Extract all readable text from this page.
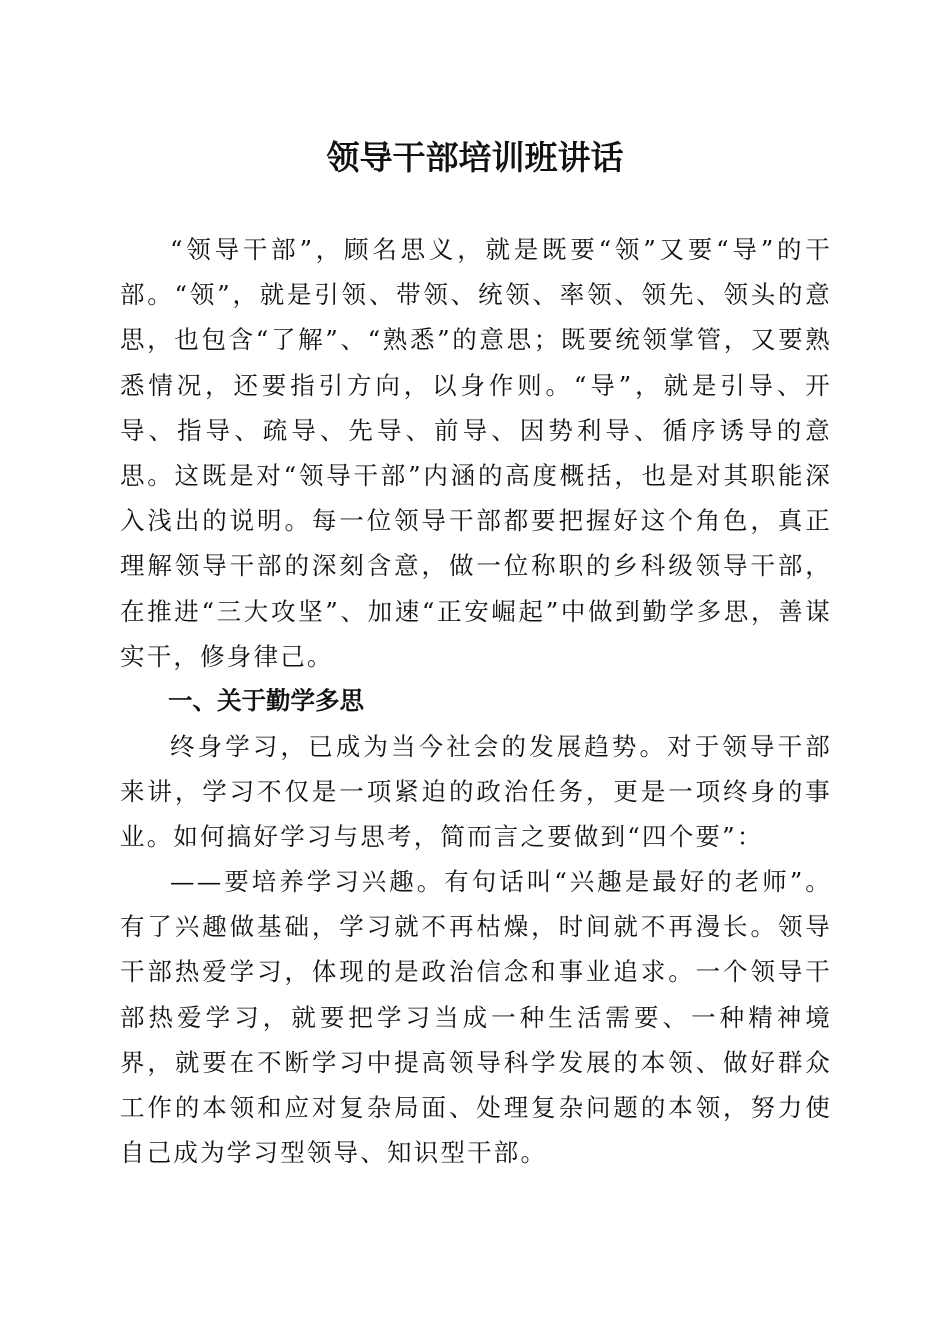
领导干部培训班讲话

“领导干部”，顾名思义，就是既要“领”又要“导”的干部。“领”，就是引领、带领、统领、率领、领先、领头的意思，也包含“了解”、“熟悉”的意思；既要统领掌管，又要熟悉情况，还要指引方向，以身作则。“导”，就是引导、开导、指导、疏导、先导、前导、因势利导、循序诱导的意思。这既是对“领导干部”内涵的高度概括，也是对其职能深入浅出的说明。每一位领导干部都要把握好这个角色，真正理解领导干部的深刻含意，做一位称职的乡科级领导干部，在推进“三大攻坚”、加速“正安崛起”中做到勤学多思，善谋实干，修身律己。

一、关于勤学多思

终身学习，已成为当今社会的发展趋势。对于领导干部来讲，学习不仅是一项紧迫的政治任务，更是一项终身的事业。如何搞好学习与思考，简而言之要做到“四个要”：

——要培养学习兴趣。有句话叫“兴趣是最好的老师”。有了兴趣做基础，学习就不再枯燥，时间就不再漫长。领导干部热爱学习，体现的是政治信念和事业追求。一个领导干部热爱学习，就要把学习当成一种生活需要、一种精神境界，就要在不断学习中提高领导科学发展的本领、做好群众工作的本领和应对复杂局面、处理复杂问题的本领，努力使自己成为学习型领导、知识型干部。
